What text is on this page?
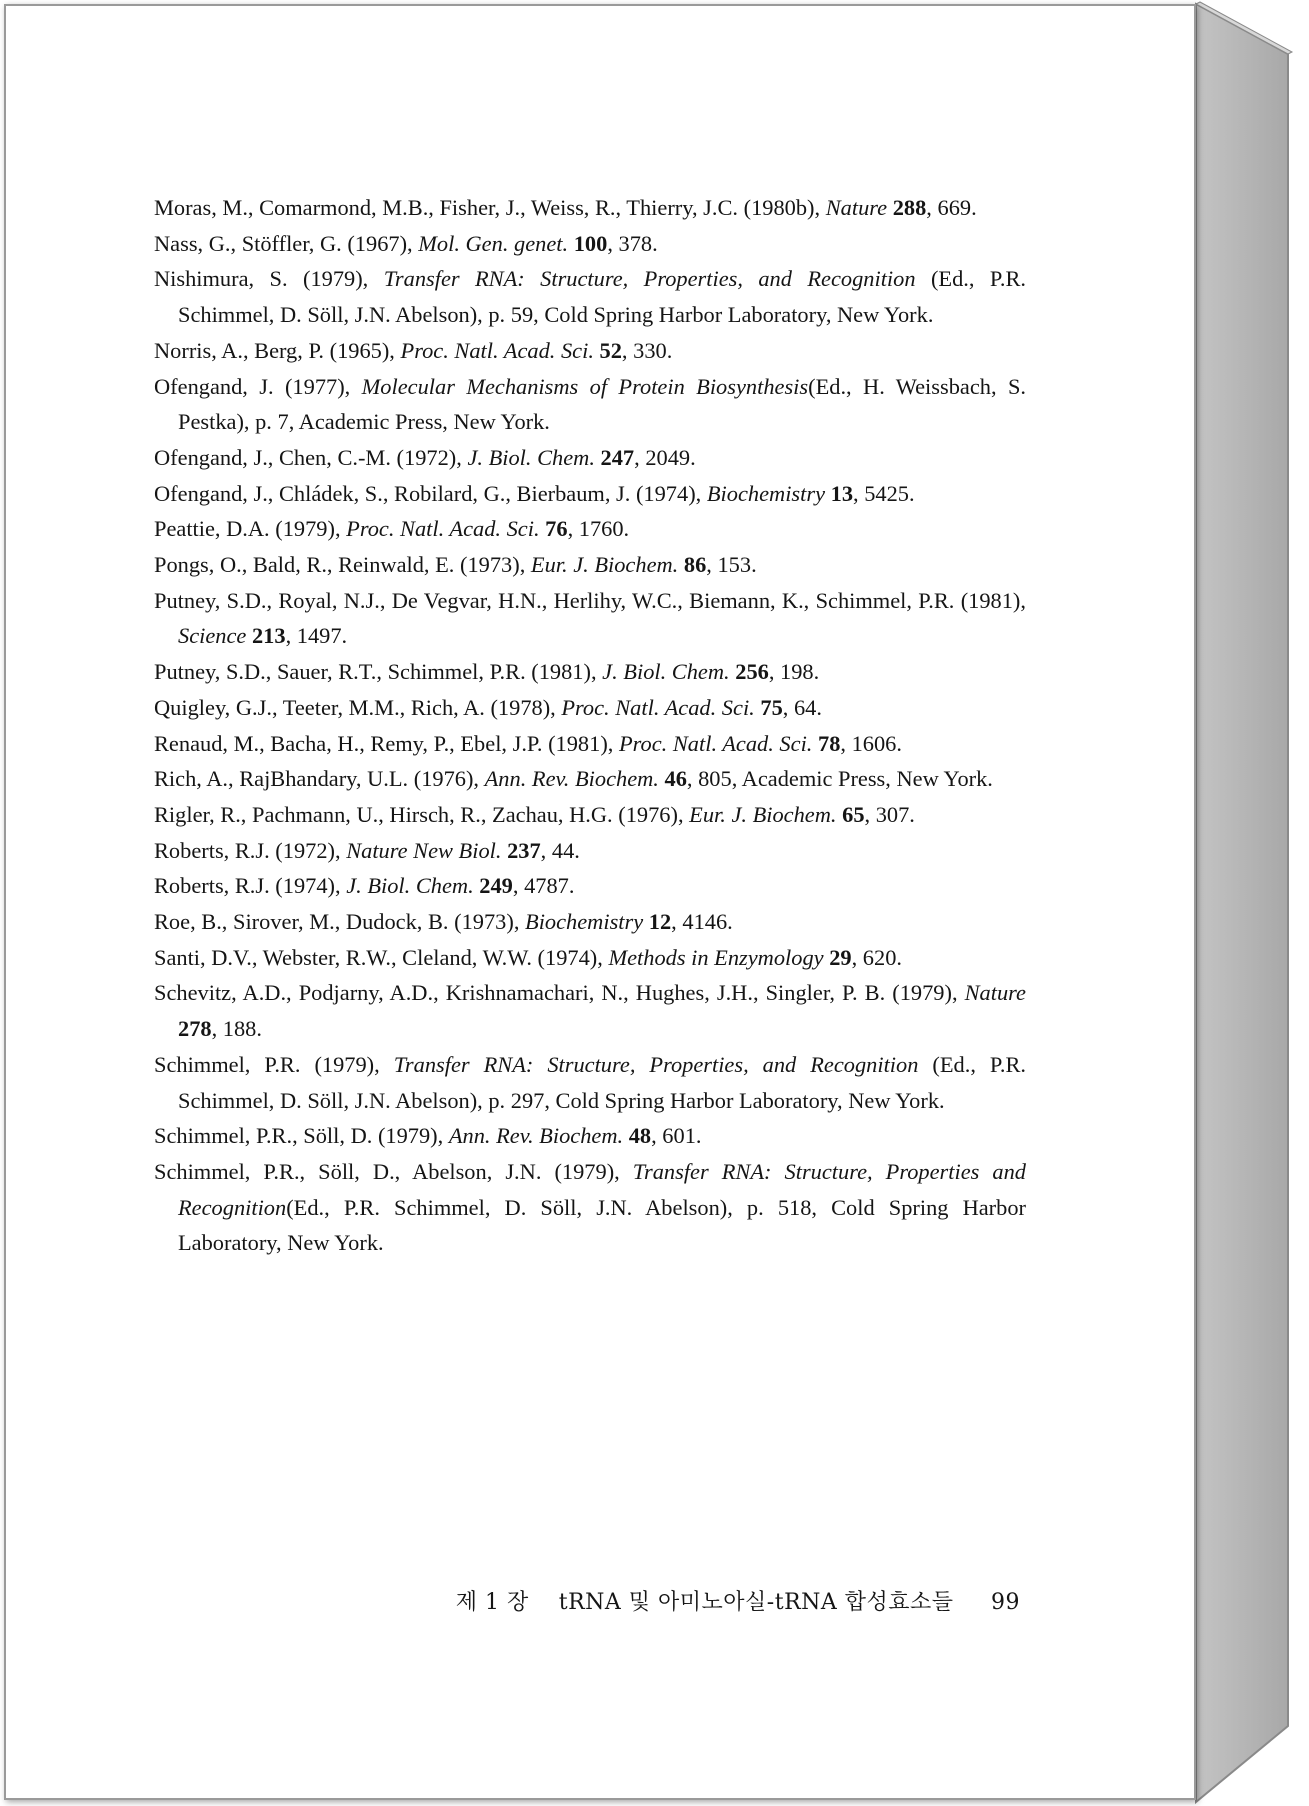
Moras, M., Comarmond, M.B., Fisher, J., Weiss, R., Thierry, J.C. (1980b), Nature 288, 669.

Nass, G., Stöffler, G. (1967), Mol. Gen. genet. 100, 378.

Nishimura, S. (1979), Transfer RNA: Structure, Properties, and Recognition (Ed., P.R. Schimmel, D. Söll, J.N. Abelson), p. 59, Cold Spring Harbor Laboratory, New York.

Norris, A., Berg, P. (1965), Proc. Natl. Acad. Sci. 52, 330.

Ofengand, J. (1977), Molecular Mechanisms of Protein Biosynthesis(Ed., H. Weissbach, S. Pestka), p. 7, Academic Press, New York.

Ofengand, J., Chen, C.-M. (1972), J. Biol. Chem. 247, 2049.

Ofengand, J., Chládek, S., Robilard, G., Bierbaum, J. (1974), Biochemistry 13, 5425.

Peattie, D.A. (1979), Proc. Natl. Acad. Sci. 76, 1760.

Pongs, O., Bald, R., Reinwald, E. (1973), Eur. J. Biochem. 86, 153.

Putney, S.D., Royal, N.J., De Vegvar, H.N., Herlihy, W.C., Biemann, K., Schimmel, P.R. (1981), Science 213, 1497.

Putney, S.D., Sauer, R.T., Schimmel, P.R. (1981), J. Biol. Chem. 256, 198.

Quigley, G.J., Teeter, M.M., Rich, A. (1978), Proc. Natl. Acad. Sci. 75, 64.

Renaud, M., Bacha, H., Remy, P., Ebel, J.P. (1981), Proc. Natl. Acad. Sci. 78, 1606.

Rich, A., RajBhandary, U.L. (1976), Ann. Rev. Biochem. 46, 805, Academic Press, New York.

Rigler, R., Pachmann, U., Hirsch, R., Zachau, H.G. (1976), Eur. J. Biochem. 65, 307.

Roberts, R.J. (1972), Nature New Biol. 237, 44.

Roberts, R.J. (1974), J. Biol. Chem. 249, 4787.

Roe, B., Sirover, M., Dudock, B. (1973), Biochemistry 12, 4146.

Santi, D.V., Webster, R.W., Cleland, W.W. (1974), Methods in Enzymology 29, 620.

Schevitz, A.D., Podjarny, A.D., Krishnamachari, N., Hughes, J.H., Singler, P. B. (1979), Nature 278, 188.

Schimmel, P.R. (1979), Transfer RNA: Structure, Properties, and Recognition (Ed., P.R. Schimmel, D. Söll, J.N. Abelson), p. 297, Cold Spring Harbor Laboratory, New York.

Schimmel, P.R., Söll, D. (1979), Ann. Rev. Biochem. 48, 601.

Schimmel, P.R., Söll, D., Abelson, J.N. (1979), Transfer RNA: Structure, Properties and Recognition(Ed., P.R. Schimmel, D. Söll, J.N. Abelson), p. 518, Cold Spring Harbor Laboratory, New York.

제 1 장 tRNA 및 아미노아실-tRNA 합성효소들 99
